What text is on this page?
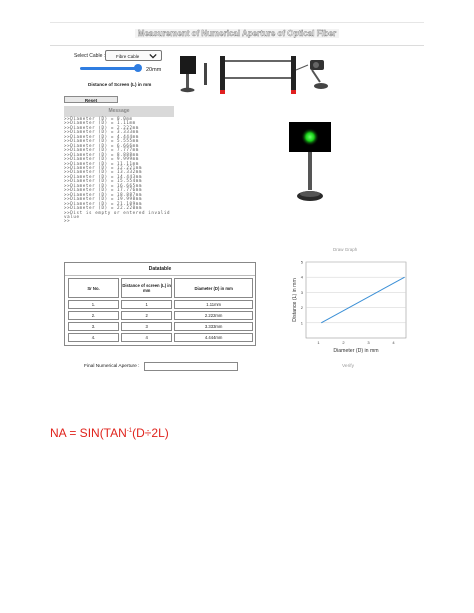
Measurement of Numerical Aperture of Optical Fiber
Select Cable :	Fibre Cable
20mm
Distance of Screen (L) in mm
Reset
Message
>>Diameter (D) = 0.0mm
>>Diameter (D) = 1.11mm
>>Diameter (D) = 2.222mm
>>Diameter (D) = 3.333mm
>>Diameter (D) = 4.444mm
>>Diameter (D) = 5.555mm
>>Diameter (D) = 6.666mm
>>Diameter (D) = 7.777mm
>>Diameter (D) = 8.888mm
>>Diameter (D) = 9.999mm
>>Diameter (D) = 11.11mm
>>Diameter (D) = 12.221mm
>>Diameter (D) = 13.332mm
>>Diameter (D) = 14.443mm
>>Diameter (D) = 15.554mm
>>Diameter (D) = 16.665mm
>>Diameter (D) = 17.776mm
>>Diameter (D) = 18.887mm
>>Diameter (D) = 19.998mm
>>Diameter (D) = 21.109mm
>>Diameter (D) = 22.220mm
>>Dist is empty or entered invalid
value
>>
Datatable
Sr No.	Distance of screen (L) in mm	Diameter (D) in mm
1.	1	1.11mm
2.	2	2.222mm
3.	3	3.333mm
4.	4	4.444mm
Final Numerical Aperture :
Draw Graph
1
2
3
4
5
1	2	3	4
Diameter (D) in mm
Distance (L) in mm
Verify
NA = $SIN(TAN^{-1}(D\div 2L)$
